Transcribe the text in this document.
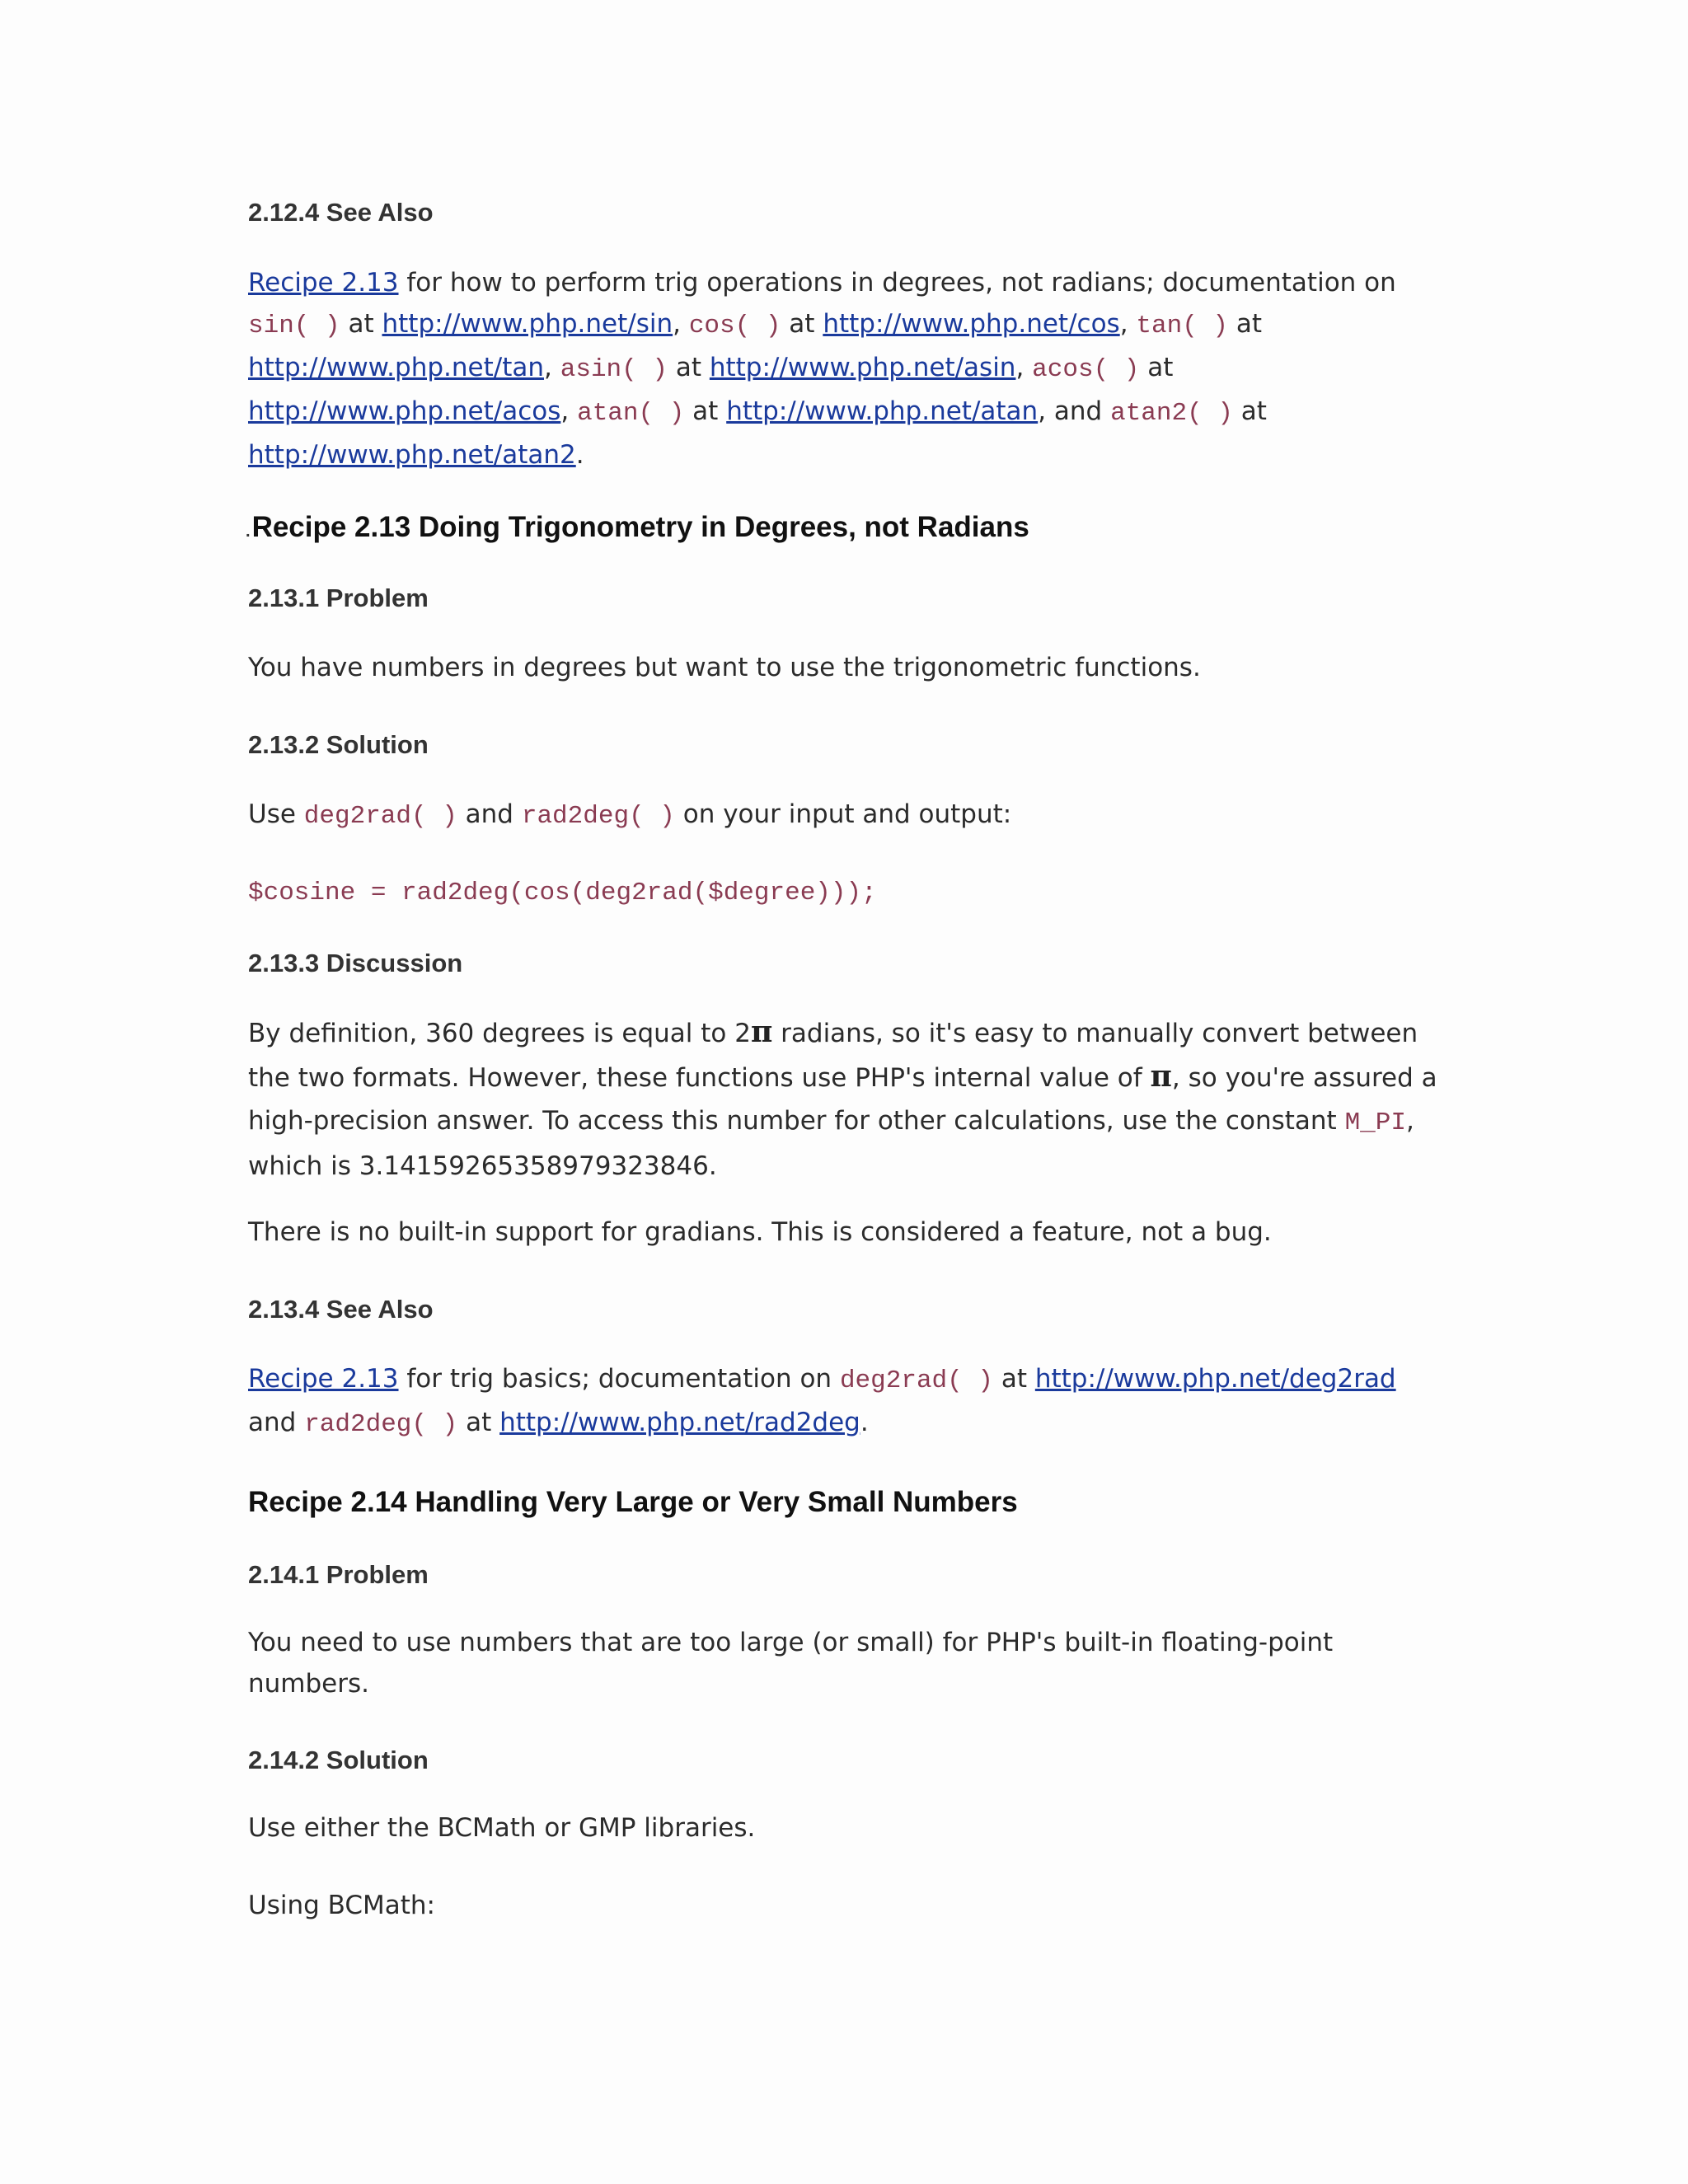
2.12.4 See Also

Recipe 2.13 for how to perform trig operations in degrees, not radians; documentation on
sin( ) at http://www.php.net/sin, cos( ) at http://www.php.net/cos, tan( ) at
http://www.php.net/tan, asin( ) at http://www.php.net/asin, acos( ) at
http://www.php.net/acos, atan( ) at http://www.php.net/atan, and atan2( ) at
http://www.php.net/atan2.

.Recipe 2.13 Doing Trigonometry in Degrees, not Radians
2.13.1 Problem

You have numbers in degrees but want to use the trigonometric functions.

2.13.2 Solution

Use deg2rad( ) and rad2deg( ) on your input and output:

$cosine = rad2deg(cos(deg2rad($degree)));
2.13.3 Discussion

By definition, 360 degrees is equal to 2π radians, so it's easy to manually convert between the two formats. However, these functions use PHP's internal value of π, so you're assured a high-precision answer. To access this number for other calculations, use the constant M_PI, which is 3.14159265358979323846.

There is no built-in support for gradians. This is considered a feature, not a bug.

2.13.4 See Also

Recipe 2.13 for trig basics; documentation on deg2rad( ) at http://www.php.net/deg2rad
and rad2deg( ) at http://www.php.net/rad2deg.

Recipe 2.14 Handling Very Large or Very Small Numbers
2.14.1 Problem

You need to use numbers that are too large (or small) for PHP's built-in floating-point numbers.

2.14.2 Solution

Use either the BCMath or GMP libraries.

Using BCMath:
